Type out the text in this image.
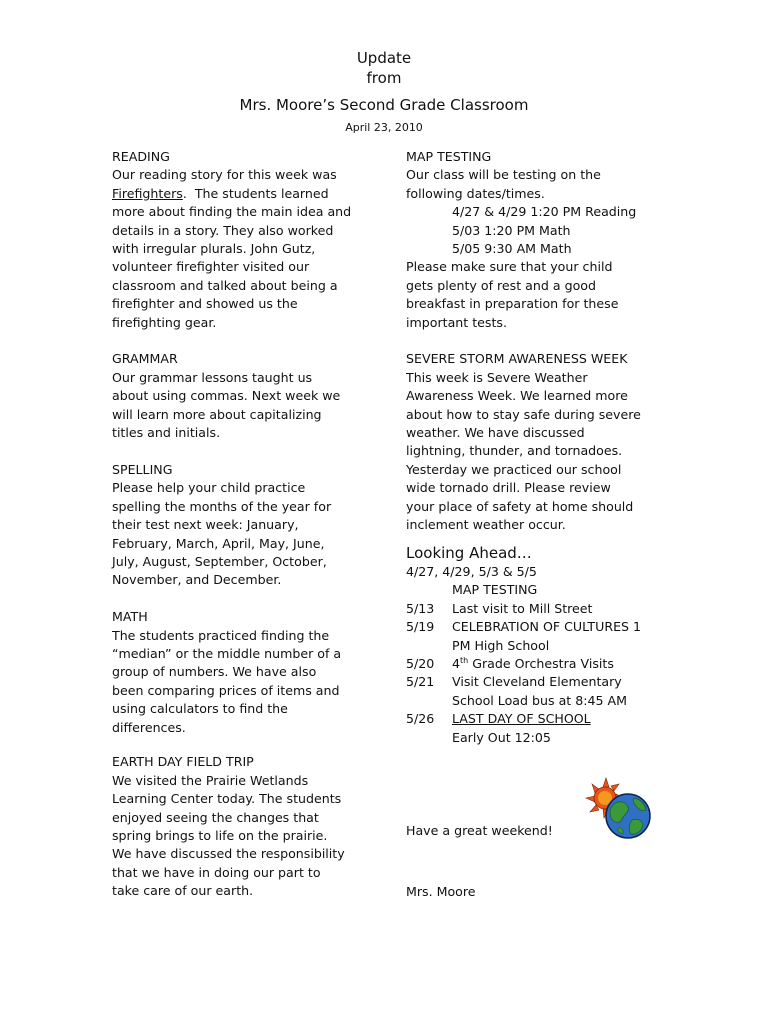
Update
from
Mrs. Moore’s Second Grade Classroom
April 23, 2010
READING
Our reading story for this week was
Firefighters.  The students learned
more about finding the main idea and
details in a story. They also worked
with irregular plurals. John Gutz,
volunteer firefighter visited our
classroom and talked about being a
firefighter and showed us the
firefighting gear.
GRAMMAR
Our grammar lessons taught us
about using commas. Next week we
will learn more about capitalizing
titles and initials.
SPELLING
Please help your child practice
spelling the months of the year for
their test next week: January,
February, March, April, May, June,
July, August, September, October,
November, and December.
MATH
The students practiced finding the
“median” or the middle number of a
group of numbers. We have also
been comparing prices of items and
using calculators to find the
differences.
EARTH DAY FIELD TRIP
We visited the Prairie Wetlands
Learning Center today. The students
enjoyed seeing the changes that
spring brings to life on the prairie.
We have discussed the responsibility
that we have in doing our part to
take care of our earth.
MAP TESTING
Our class will be testing on the
following dates/times.
4/27 & 4/29 1:20 PM Reading
5/03 1:20 PM Math
5/05 9:30 AM Math
Please make sure that your child
gets plenty of rest and a good
breakfast in preparation for these
important tests.
SEVERE STORM AWARENESS WEEK
This week is Severe Weather
Awareness Week. We learned more
about how to stay safe during severe
weather. We have discussed
lightning, thunder, and tornadoes.
Yesterday we practiced our school
wide tornado drill. Please review
your place of safety at home should
inclement weather occur.
Looking Ahead…
4/27, 4/29, 5/3 & 5/5
MAP TESTING
5/13	Last visit to Mill Street
5/19	CELEBRATION OF CULTURES 1
PM High School
5/20	4th Grade Orchestra Visits
5/21	Visit Cleveland Elementary
School Load bus at 8:45 AM
5/26	LAST DAY OF SCHOOL
Early Out 12:05
Have a great weekend!
Mrs. Moore
